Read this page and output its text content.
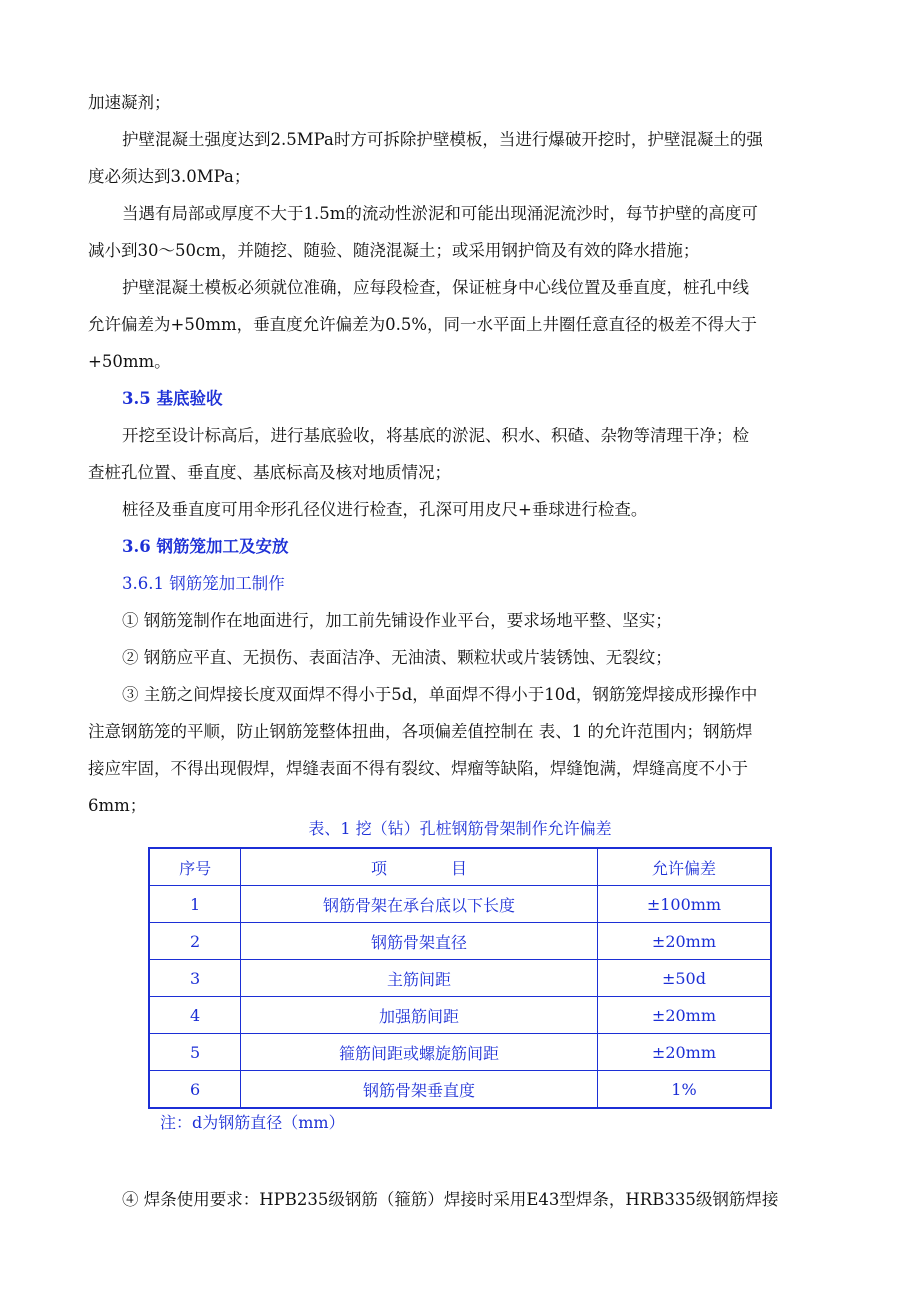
加速凝剂；

护壁混凝土强度达到2.5MPa时方可拆除护壁模板，当进行爆破开挖时，护壁混凝土的强

度必须达到3.0MPa；

当遇有局部或厚度不大于1.5m的流动性淤泥和可能出现涌泥流沙时，每节护壁的高度可

减小到30～50cm，并随挖、随验、随浇混凝土；或采用钢护筒及有效的降水措施；

护壁混凝土模板必须就位准确，应每段检查，保证桩身中心线位置及垂直度，桩孔中线

允许偏差为+50mm，垂直度允许偏差为0.5%，同一水平面上井圈任意直径的极差不得大于

+50mm。

3.5 基底验收

开挖至设计标高后，进行基底验收，将基底的淤泥、积水、积碴、杂物等清理干净；检

查桩孔位置、垂直度、基底标高及核对地质情况；

桩径及垂直度可用伞形孔径仪进行检查，孔深可用皮尺+垂球进行检查。

3.6 钢筋笼加工及安放

3.6.1 钢筋笼加工制作

① 钢筋笼制作在地面进行，加工前先铺设作业平台，要求场地平整、坚实；

② 钢筋应平直、无损伤、表面洁净、无油渍、颗粒状或片装锈蚀、无裂纹；

③ 主筋之间焊接长度双面焊不得小于5d，单面焊不得小于10d，钢筋笼焊接成形操作中

注意钢筋笼的平顺，防止钢筋笼整体扭曲，各项偏差值控制在 表、1 的允许范围内；钢筋焊

接应牢固，不得出现假焊，焊缝表面不得有裂纹、焊瘤等缺陷，焊缝饱满，焊缝高度不小于

6mm；

表、1 挖（钻）孔桩钢筋骨架制作允许偏差
序号	项　　　　目	允许偏差
1	钢筋骨架在承台底以下长度	±100mm
2	钢筋骨架直径	±20mm
3	主筋间距	±50d
4	加强筋间距	±20mm
5	箍筋间距或螺旋筋间距	±20mm
6	钢筋骨架垂直度	1%
注：d为钢筋直径（mm）

④ 焊条使用要求：HPB235级钢筋（箍筋）焊接时采用E43型焊条，HRB335级钢筋焊接
